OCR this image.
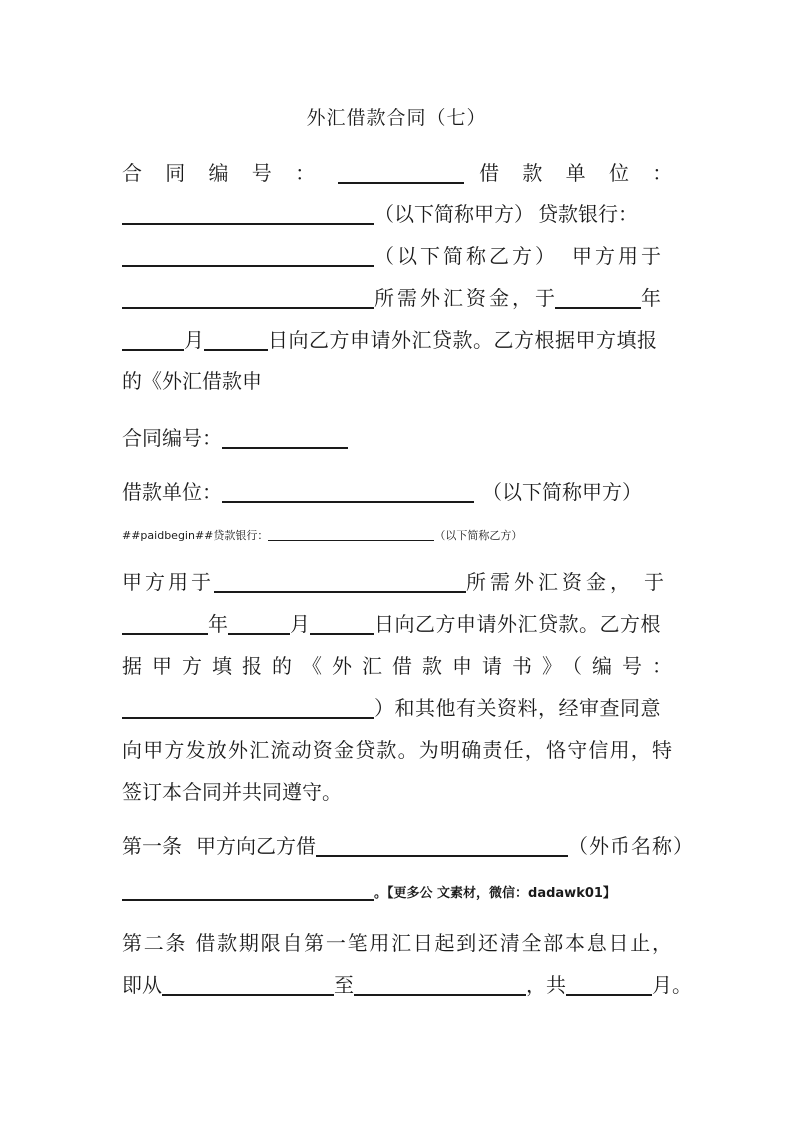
外汇借款合同（七）
合 同 编 号 ：	借 款 单 位 ：
（以下简称甲方） 贷款银行：
（以下简称乙方） 甲方用于
所需外汇资金，于	年
月	日向乙方申请外汇贷款。乙方根据甲方填报
的《外汇借款申
合同编号：
借款单位：	（以下简称甲方）
##paidbegin##贷款银行：	（以下简称乙方）
甲方用于	所需外汇资金， 于
年	月	日向乙方申请外汇贷款。乙方根
据甲方填报的《外汇借款申请书》（编号：
）和其他有关资料，经审查同意
向甲方发放外汇流动资金贷款。为明确责任，恪守信用，特
签订本合同并共同遵守。
第一条 甲方向乙方借	（外币名称）
。【更多公 文素材，微信：dadawk01】
第二条 借款期限自第一笔用汇日起到还清全部本息日止，
即从	至	，共	月。
